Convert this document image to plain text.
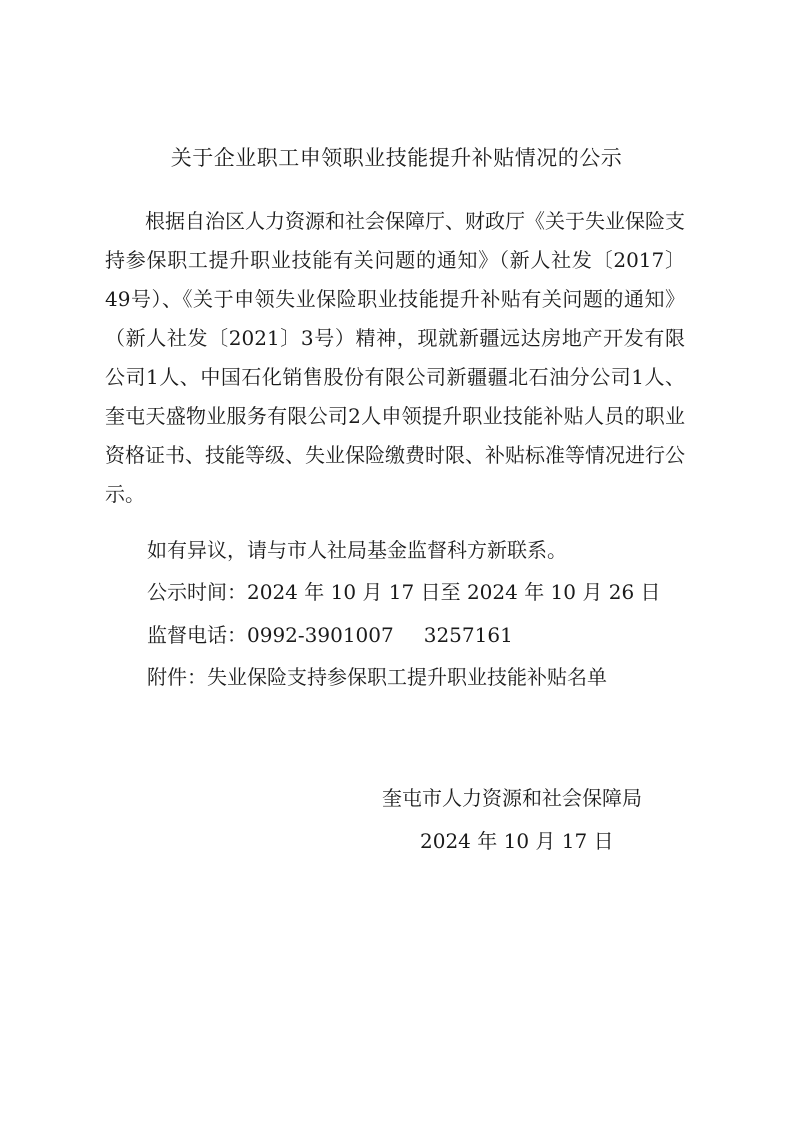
关于企业职工申领职业技能提升补贴情况的公示

根据自治区人力资源和社会保障厅、财政厅《关于失业保险支持参保职工提升职业技能有关问题的通知》（新人社发〔2017〕49号）、《关于申领失业保险职业技能提升补贴有关问题的通知》（新人社发〔2021〕3号）精神，现就新疆远达房地产开发有限公司1人、中国石化销售股份有限公司新疆疆北石油分公司1人、奎屯天盛物业服务有限公司2人申领提升职业技能补贴人员的职业资格证书、技能等级、失业保险缴费时限、补贴标准等情况进行公示。

如有异议，请与市人社局基金监督科方新联系。
公示时间：2024 年 10 月 17 日至 2024 年 10 月 26 日
监督电话：0992-3901007 3257161
附件：失业保险支持参保职工提升职业技能补贴名单
奎屯市人力资源和社会保障局
2024 年 10 月 17 日
